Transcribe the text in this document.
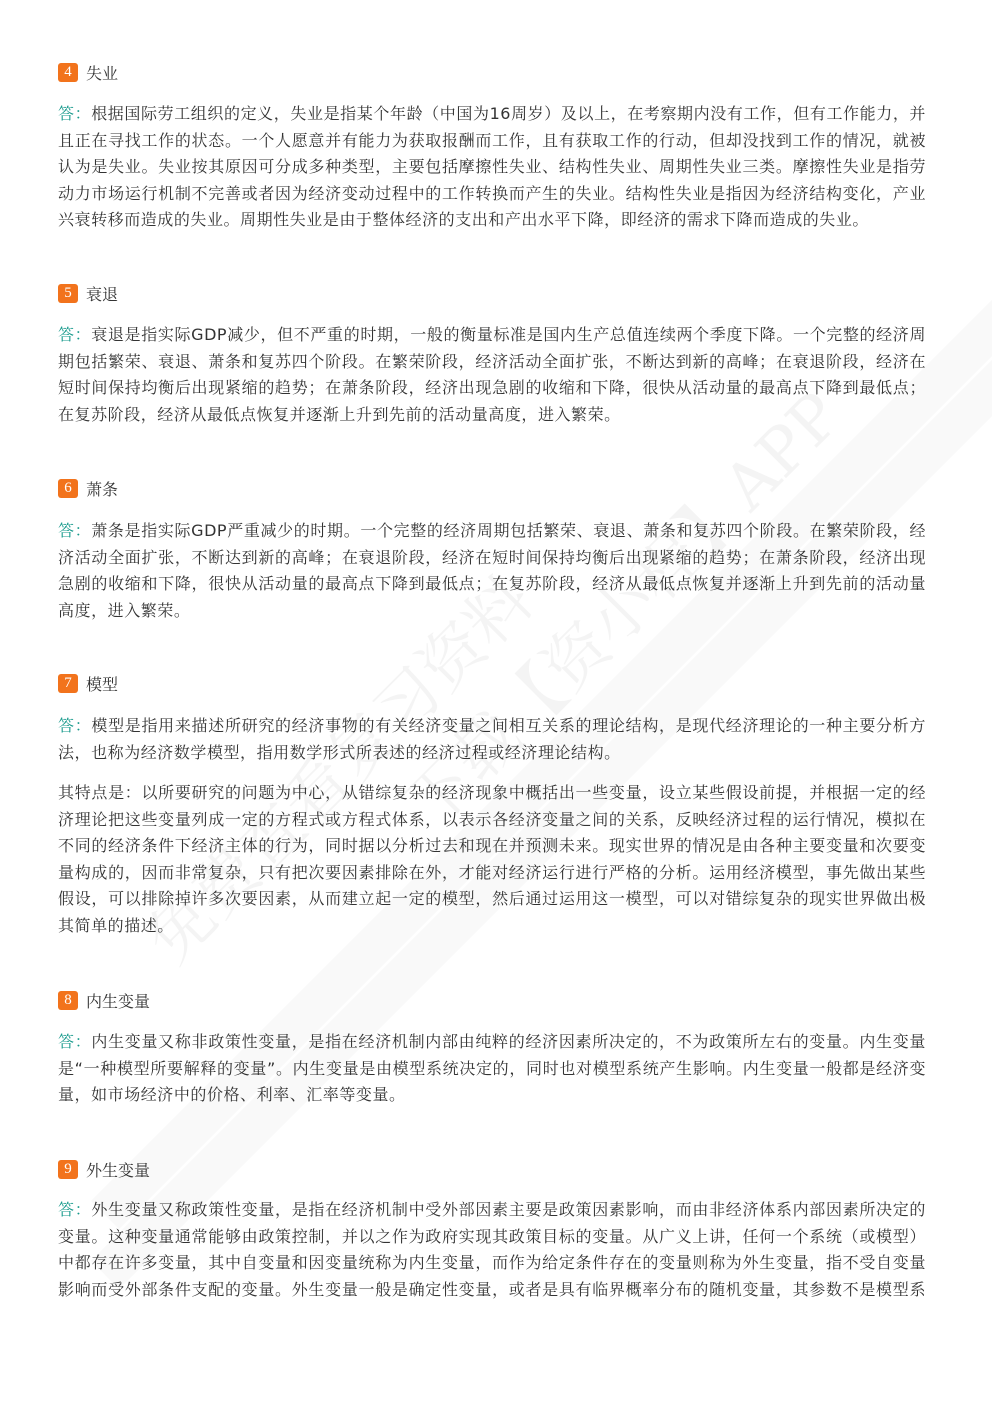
4 失业

答：根据国际劳工组织的定义，失业是指某个年龄（中国为16周岁）及以上，在考察期内没有工作，但有工作能力，并且正在寻找工作的状态。一个人愿意并有能力为获取报酬而工作，且有获取工作的行动，但却没找到工作的情况，就被认为是失业。失业按其原因可分成多种类型，主要包括摩擦性失业、结构性失业、周期性失业三类。摩擦性失业是指劳动力市场运行机制不完善或者因为经济变动过程中的工作转换而产生的失业。结构性失业是指因为经济结构变化，产业兴衰转移而造成的失业。周期性失业是由于整体经济的支出和产出水平下降，即经济的需求下降而造成的失业。

5 衰退

答：衰退是指实际GDP减少，但不严重的时期，一般的衡量标准是国内生产总值连续两个季度下降。一个完整的经济周期包括繁荣、衰退、萧条和复苏四个阶段。在繁荣阶段，经济活动全面扩张，不断达到新的高峰；在衰退阶段，经济在短时间保持均衡后出现紧缩的趋势；在萧条阶段，经济出现急剧的收缩和下降，很快从活动量的最高点下降到最低点；在复苏阶段，经济从最低点恢复并逐渐上升到先前的活动量高度，进入繁荣。

6 萧条

答：萧条是指实际GDP严重减少的时期。一个完整的经济周期包括繁荣、衰退、萧条和复苏四个阶段。在繁荣阶段，经济活动全面扩张，不断达到新的高峰；在衰退阶段，经济在短时间保持均衡后出现紧缩的趋势；在萧条阶段，经济出现急剧的收缩和下降，很快从活动量的最高点下降到最低点；在复苏阶段，经济从最低点恢复并逐渐上升到先前的活动量高度，进入繁荣。

7 模型

答：模型是指用来描述所研究的经济事物的有关经济变量之间相互关系的理论结构，是现代经济理论的一种主要分析方法，也称为经济数学模型，指用数学形式所表述的经济过程或经济理论结构。

其特点是：以所要研究的问题为中心，从错综复杂的经济现象中概括出一些变量，设立某些假设前提，并根据一定的经济理论把这些变量列成一定的方程式或方程式体系，以表示各经济变量之间的关系，反映经济过程的运行情况，模拟在不同的经济条件下经济主体的行为，同时据以分析过去和现在并预测未来。现实世界的情况是由各种主要变量和次要变量构成的，因而非常复杂，只有把次要因素排除在外，才能对经济运行进行严格的分析。运用经济模型，事先做出某些假设，可以排除掉许多次要因素，从而建立起一定的模型，然后通过运用这一模型，可以对错综复杂的现实世界做出极其简单的描述。

8 内生变量

答：内生变量又称非政策性变量，是指在经济机制内部由纯粹的经济因素所决定的，不为政策所左右的变量。内生变量是“一种模型所要解释的变量”。内生变量是由模型系统决定的，同时也对模型系统产生影响。内生变量一般都是经济变量，如市场经济中的价格、利率、汇率等变量。

9 外生变量

答：外生变量又称政策性变量，是指在经济机制中受外部因素主要是政策因素影响，而由非经济体系内部因素所决定的变量。这种变量通常能够由政策控制，并以之作为政府实现其政策目标的变量。从广义上讲，任何一个系统（或模型）中都存在许多变量，其中自变量和因变量统称为内生变量，而作为给定条件存在的变量则称为外生变量，指不受自变量影响而受外部条件支配的变量。外生变量一般是确定性变量，或者是具有临界概率分布的随机变量，其参数不是模型系
